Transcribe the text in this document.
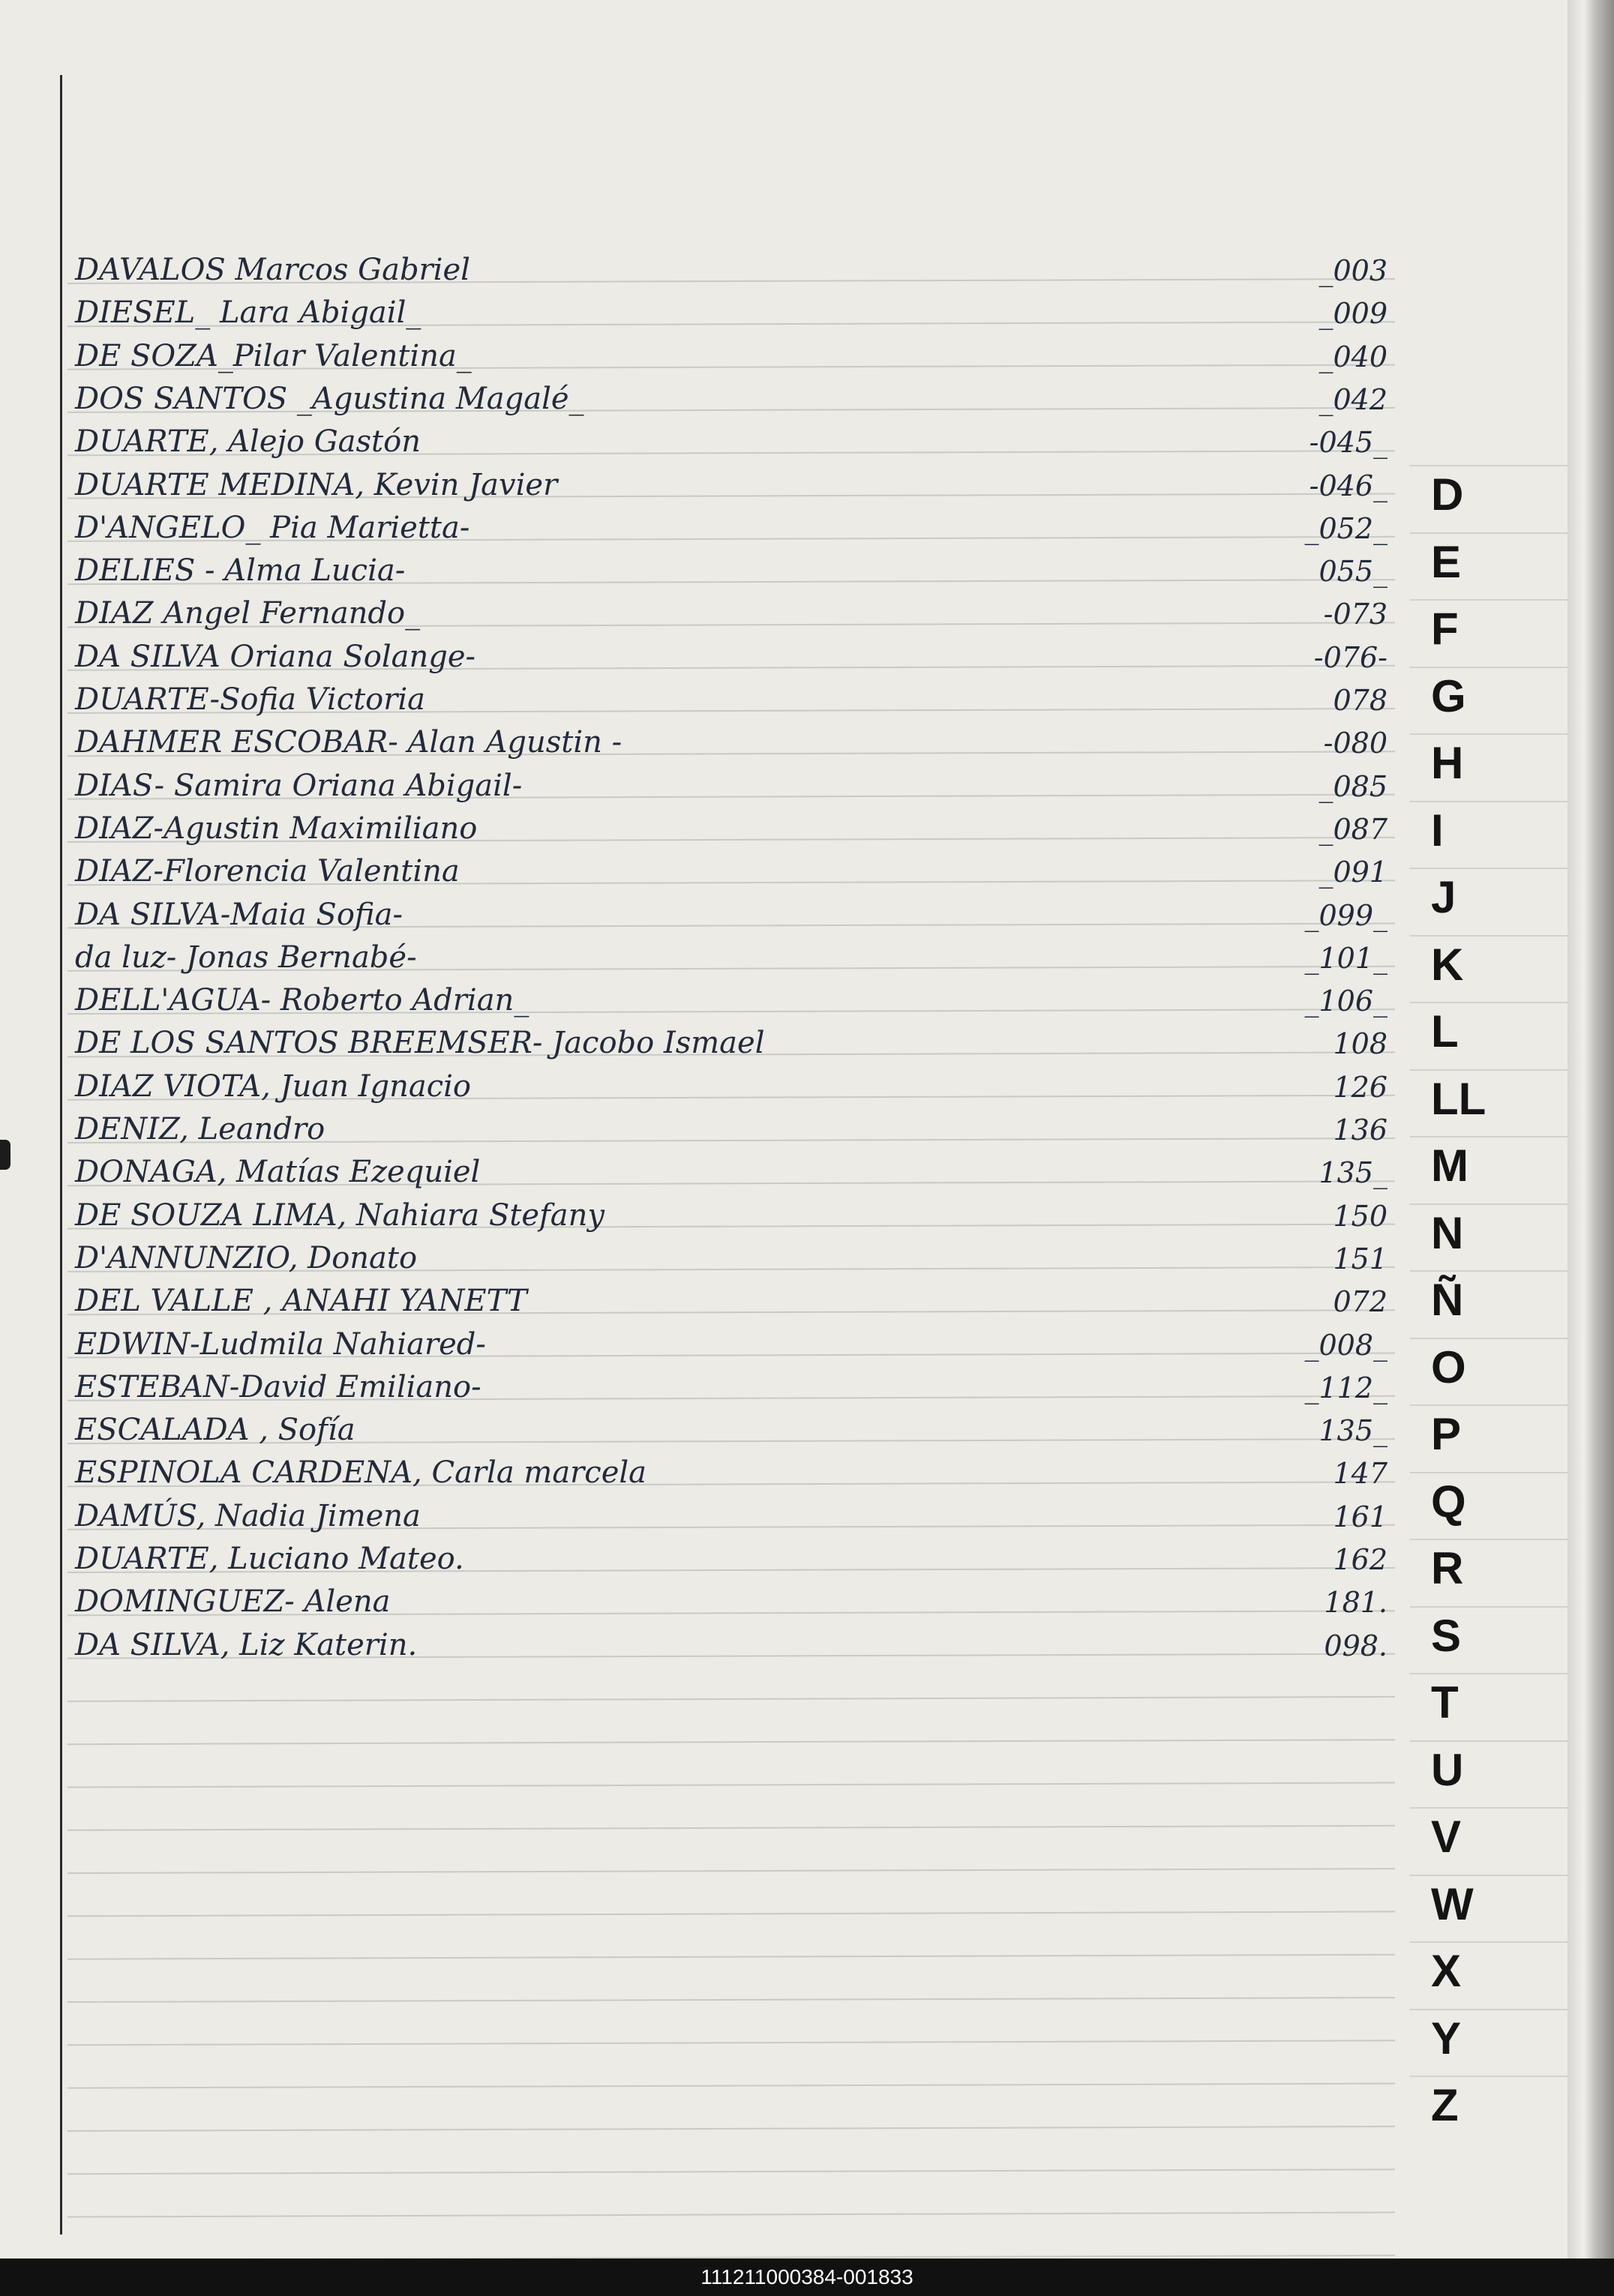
DAVALOS Marcos Gabriel	_003
DIESEL_ Lara Abigail_	_009
DE SOZA_Pilar Valentina_	_040
DOS SANTOS _Agustina Magalé_	_042
DUARTE, Alejo Gastón	-045_
DUARTE MEDINA, Kevin Javier	-046_
D'ANGELO_ Pia Marietta-	_052_
DELIES - Alma Lucia-	055_
DIAZ Angel Fernando_	-073
DA SILVA Oriana Solange-	-076-
DUARTE-Sofia Victoria	078
DAHMER ESCOBAR- Alan Agustin -	-080
DIAS- Samira Oriana Abigail-	_085
DIAZ-Agustin Maximiliano	_087
DIAZ-Florencia Valentina	_091
DA SILVA-Maia Sofia-	_099_
da luz- Jonas Bernabé-	_101_
DELL'AGUA- Roberto Adrian_	_106_
DE LOS SANTOS BREEMSER- Jacobo Ismael	108
DIAZ VIOTA, Juan Ignacio	126
DENIZ, Leandro	136
DONAGA, Matías Ezequiel	135_
DE SOUZA LIMA, Nahiara Stefany	150
D'ANNUNZIO, Donato	151
DEL VALLE , ANAHI YANETT	072
EDWIN-Ludmila Nahiared-	_008_
ESTEBAN-David Emiliano-	_112_
ESCALADA , Sofía	135_
ESPINOLA CARDENA, Carla marcela	147
DAMÚS, Nadia Jimena	161
DUARTE, Luciano Mateo.	162
DOMINGUEZ- Alena	181.
DA SILVA, Liz Katerin.	098.
D
E
F
G
H
I
J
K
L
LL
M
N
Ñ
O
P
Q
R
S
T
U
V
W
X
Y
Z
111211000384-001833
